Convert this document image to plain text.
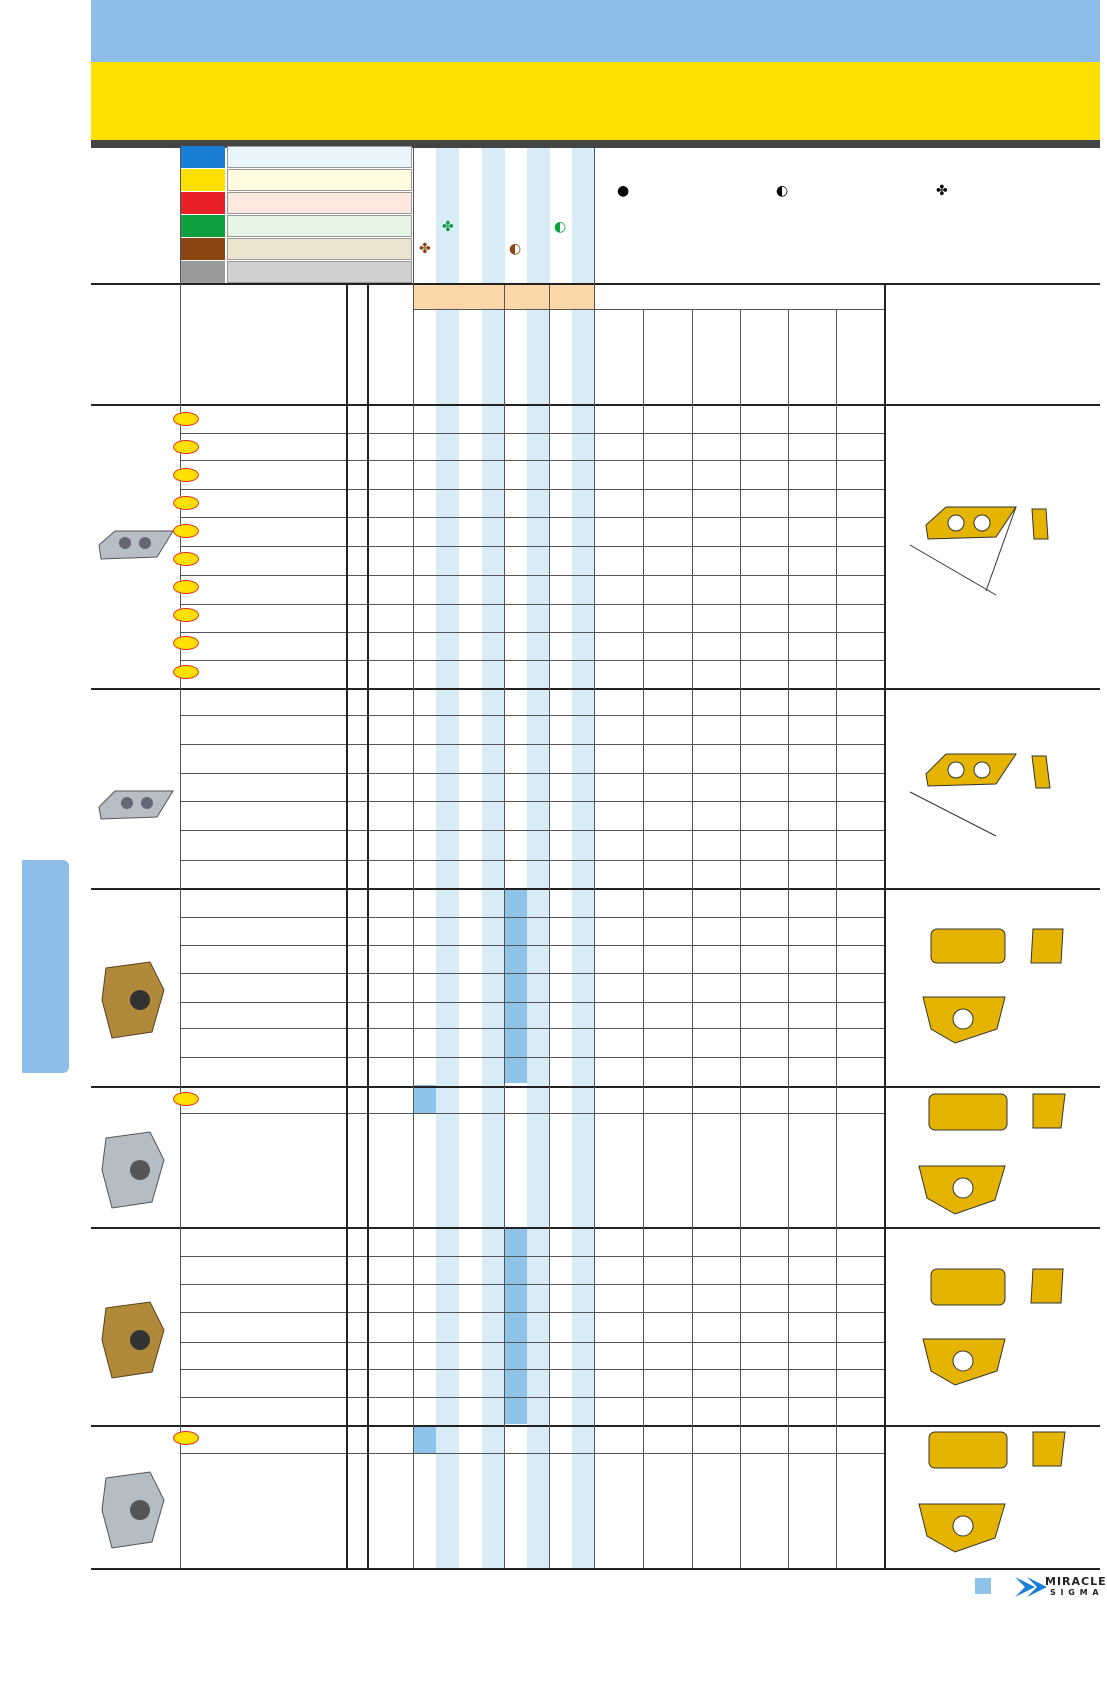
●	◐	✤
✤
✤
◐
◐
MIRACLE
S I G M A
